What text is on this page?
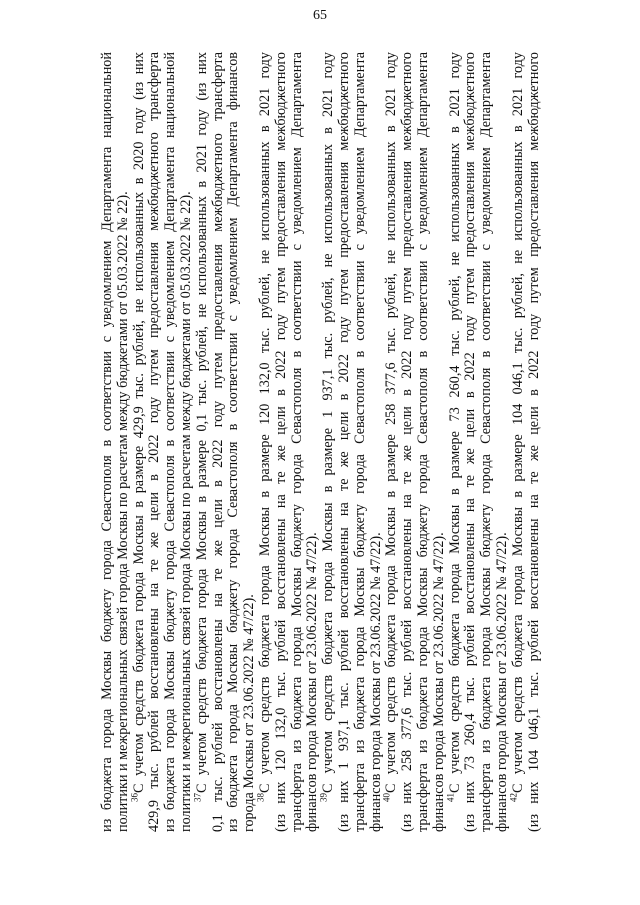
65
из бюджета города Москвы бюджету города Севастополя в соответствии с уведомлением Департамента национальной политики и межрегиональных связей города Москвы по расчетам между бюджетами от 05.03.2022 № 22).
$^{36}$С учетом средств бюджета города Москвы в размере 429,9 тыс. рублей, не использованных в 2020 году (из них 429,9 тыс. рублей восстановлены на те же цели в 2022 году путем предоставления межбюджетного трансферта из бюджета города Москвы бюджету города Севастополя в соответствии с уведомлением Департамента национальной политики и межрегиональных связей города Москвы по расчетам между бюджетами от 05.03.2022 № 22).
$^{37}$С учетом средств бюджета города Москвы в размере 0,1 тыс. рублей, не использованных в 2021 году (из них 0,1 тыс. рублей восстановлены на те же цели в 2022 году путем предоставления межбюджетного трансферта из бюджета города Москвы бюджету города Севастополя в соответствии с уведомлением Департамента финансов города Москвы от 23.06.2022 № 47/22).
$^{38}$С учетом средств бюджета города Москвы в размере 120 132,0 тыс. рублей, не использованных в 2021 году (из них 120 132,0 тыс. рублей восстановлены на те же цели в 2022 году путем предоставления межбюджетного трансферта из бюджета города Москвы бюджету города Севастополя в соответствии с уведомлением Департамента финансов города Москвы от 23.06.2022 № 47/22).
$^{39}$С учетом средств бюджета города Москвы в размере 1 937,1 тыс. рублей, не использованных в 2021 году (из них 1 937,1 тыс. рублей восстановлены на те же цели в 2022 году путем предоставления межбюджетного трансферта из бюджета города Москвы бюджету города Севастополя в соответствии с уведомлением Департамента финансов города Москвы от 23.06.2022 № 47/22).
$^{40}$С учетом средств бюджета города Москвы в размере 258 377,6 тыс. рублей, не использованных в 2021 году (из них 258 377,6 тыс. рублей восстановлены на те же цели в 2022 году путем предоставления межбюджетного трансферта из бюджета города Москвы бюджету города Севастополя в соответствии с уведомлением Департамента финансов города Москвы от 23.06.2022 № 47/22).
$^{41}$С учетом средств бюджета города Москвы в размере 73 260,4 тыс. рублей, не использованных в 2021 году (из них 73 260,4 тыс. рублей восстановлены на те же цели в 2022 году путем предоставления межбюджетного трансферта из бюджета города Москвы бюджету города Севастополя в соответствии с уведомлением Департамента финансов города Москвы от 23.06.2022 № 47/22).
$^{42}$С учетом средств бюджета города Москвы в размере 104 046,1 тыс. рублей, не использованных в 2021 году (из них 104 046,1 тыс. рублей восстановлены на те же цели в 2022 году путем предоставления межбюджетного
